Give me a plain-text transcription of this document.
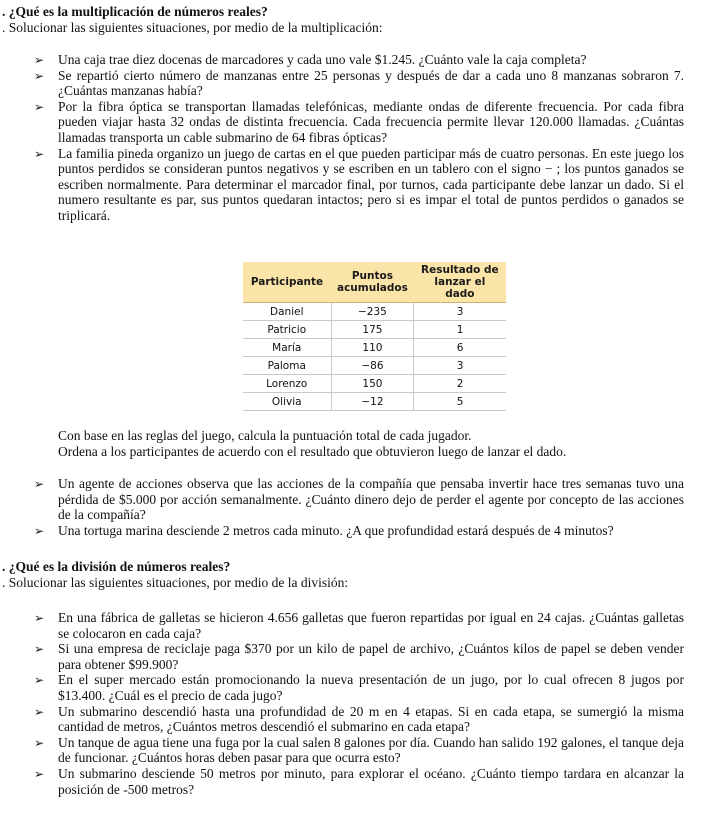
. ¿Qué es la multiplicación de números reales?
. Solucionar las siguientes situaciones, por medio de la multiplicación:
➢ Una caja trae diez docenas de marcadores y cada uno vale $1.245. ¿Cuánto vale la caja completa?
➢ Se repartió cierto número de manzanas entre 25 personas y después de dar a cada uno 8 manzanas sobraron 7. ¿Cuántas manzanas había?
➢ Por la fibra óptica se transportan llamadas telefónicas, mediante ondas de diferente frecuencia. Por cada fibra pueden viajar hasta 32 ondas de distinta frecuencia. Cada frecuencia permite llevar 120.000 llamadas. ¿Cuántas llamadas transporta un cable submarino de 64 fibras ópticas?
➢ La familia pineda organizo un juego de cartas en el que pueden participar más de cuatro personas. En este juego los puntos perdidos se consideran puntos negativos y se escriben en un tablero con el signo − ; los puntos ganados se escriben normalmente. Para determinar el marcador final, por turnos, cada participante debe lanzar un dado. Si el numero resultante es par, sus puntos quedaran intactos; pero si es impar el total de puntos perdidos o ganados se triplicará.
Participante	Puntos acumulados	Resultado de lanzar el dado
Daniel	−235	3
Patricio	175	1
María	110	6
Paloma	−86	3
Lorenzo	150	2
Olivia	−12	5
Con base en las reglas del juego, calcula la puntuación total de cada jugador.
Ordena a los participantes de acuerdo con el resultado que obtuvieron luego de lanzar el dado.
➢ Un agente de acciones observa que las acciones de la compañía que pensaba invertir hace tres semanas tuvo una pérdida de $5.000 por acción semanalmente. ¿Cuánto dinero dejo de perder el agente por concepto de las acciones de la compañía?
➢ Una tortuga marina desciende 2 metros cada minuto. ¿A que profundidad estará después de 4 minutos?
. ¿Qué es la división de números reales?
. Solucionar las siguientes situaciones, por medio de la división:
➢ En una fábrica de galletas se hicieron 4.656 galletas que fueron repartidas por igual en 24 cajas. ¿Cuántas galletas se colocaron en cada caja?
➢ Si una empresa de reciclaje paga $370 por un kilo de papel de archivo, ¿Cuántos kilos de papel se deben vender para obtener $99.900?
➢ En el super mercado están promocionando la nueva presentación de un jugo, por lo cual ofrecen 8 jugos por $13.400. ¿Cuál es el precio de cada jugo?
➢ Un submarino descendió hasta una profundidad de 20 m en 4 etapas. Si en cada etapa, se sumergió la misma cantidad de metros, ¿Cuántos metros descendió el submarino en cada etapa?
➢ Un tanque de agua tiene una fuga por la cual salen 8 galones por día. Cuando han salido 192 galones, el tanque deja de funcionar. ¿Cuántos horas deben pasar para que ocurra esto?
➢ Un submarino desciende 50 metros por minuto, para explorar el océano. ¿Cuánto tiempo tardara en alcanzar la posición de -500 metros?
